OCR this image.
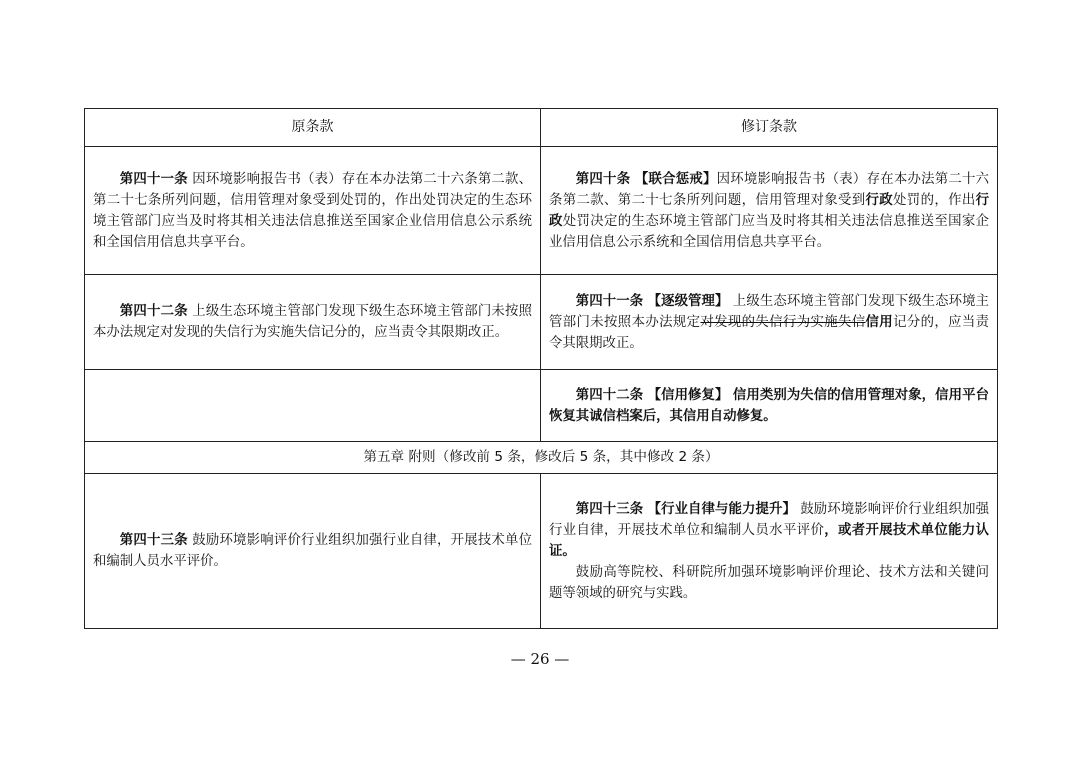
原条款	修订条款

第四十一条 因环境影响报告书（表）存在本办法第二十六条第二款、第二十七条所列问题，信用管理对象受到处罚的，作出处罚决定的生态环境主管部门应当及时将其相关违法信息推送至国家企业信用信息公示系统和全国信用信息共享平台。	第四十条 【联合惩戒】因环境影响报告书（表）存在本办法第二十六条第二款、第二十七条所列问题，信用管理对象受到行政处罚的，作出行政处罚决定的生态环境主管部门应当及时将其相关违法信息推送至国家企业信用信息公示系统和全国信用信息共享平台。

第四十二条 上级生态环境主管部门发现下级生态环境主管部门未按照本办法规定对发现的失信行为实施失信记分的，应当责令其限期改正。	第四十一条 【逐级管理】 上级生态环境主管部门发现下级生态环境主管部门未按照本办法规定对发现的失信行为实施失信信用记分的，应当责令其限期改正。

	第四十二条 【信用修复】 信用类别为失信的信用管理对象，信用平台恢复其诚信档案后，其信用自动修复。

第五章 附则（修改前 5 条，修改后 5 条，其中修改 2 条）	

第四十三条 鼓励环境影响评价行业组织加强行业自律，开展技术单位和编制人员水平评价。	第四十三条 【行业自律与能力提升】 鼓励环境影响评价行业组织加强行业自律，开展技术单位和编制人员水平评价，或者开展技术单位能力认证。

鼓励高等院校、科研院所加强环境影响评价理论、技术方法和关键问题等领域的研究与实践。

— 26 —
